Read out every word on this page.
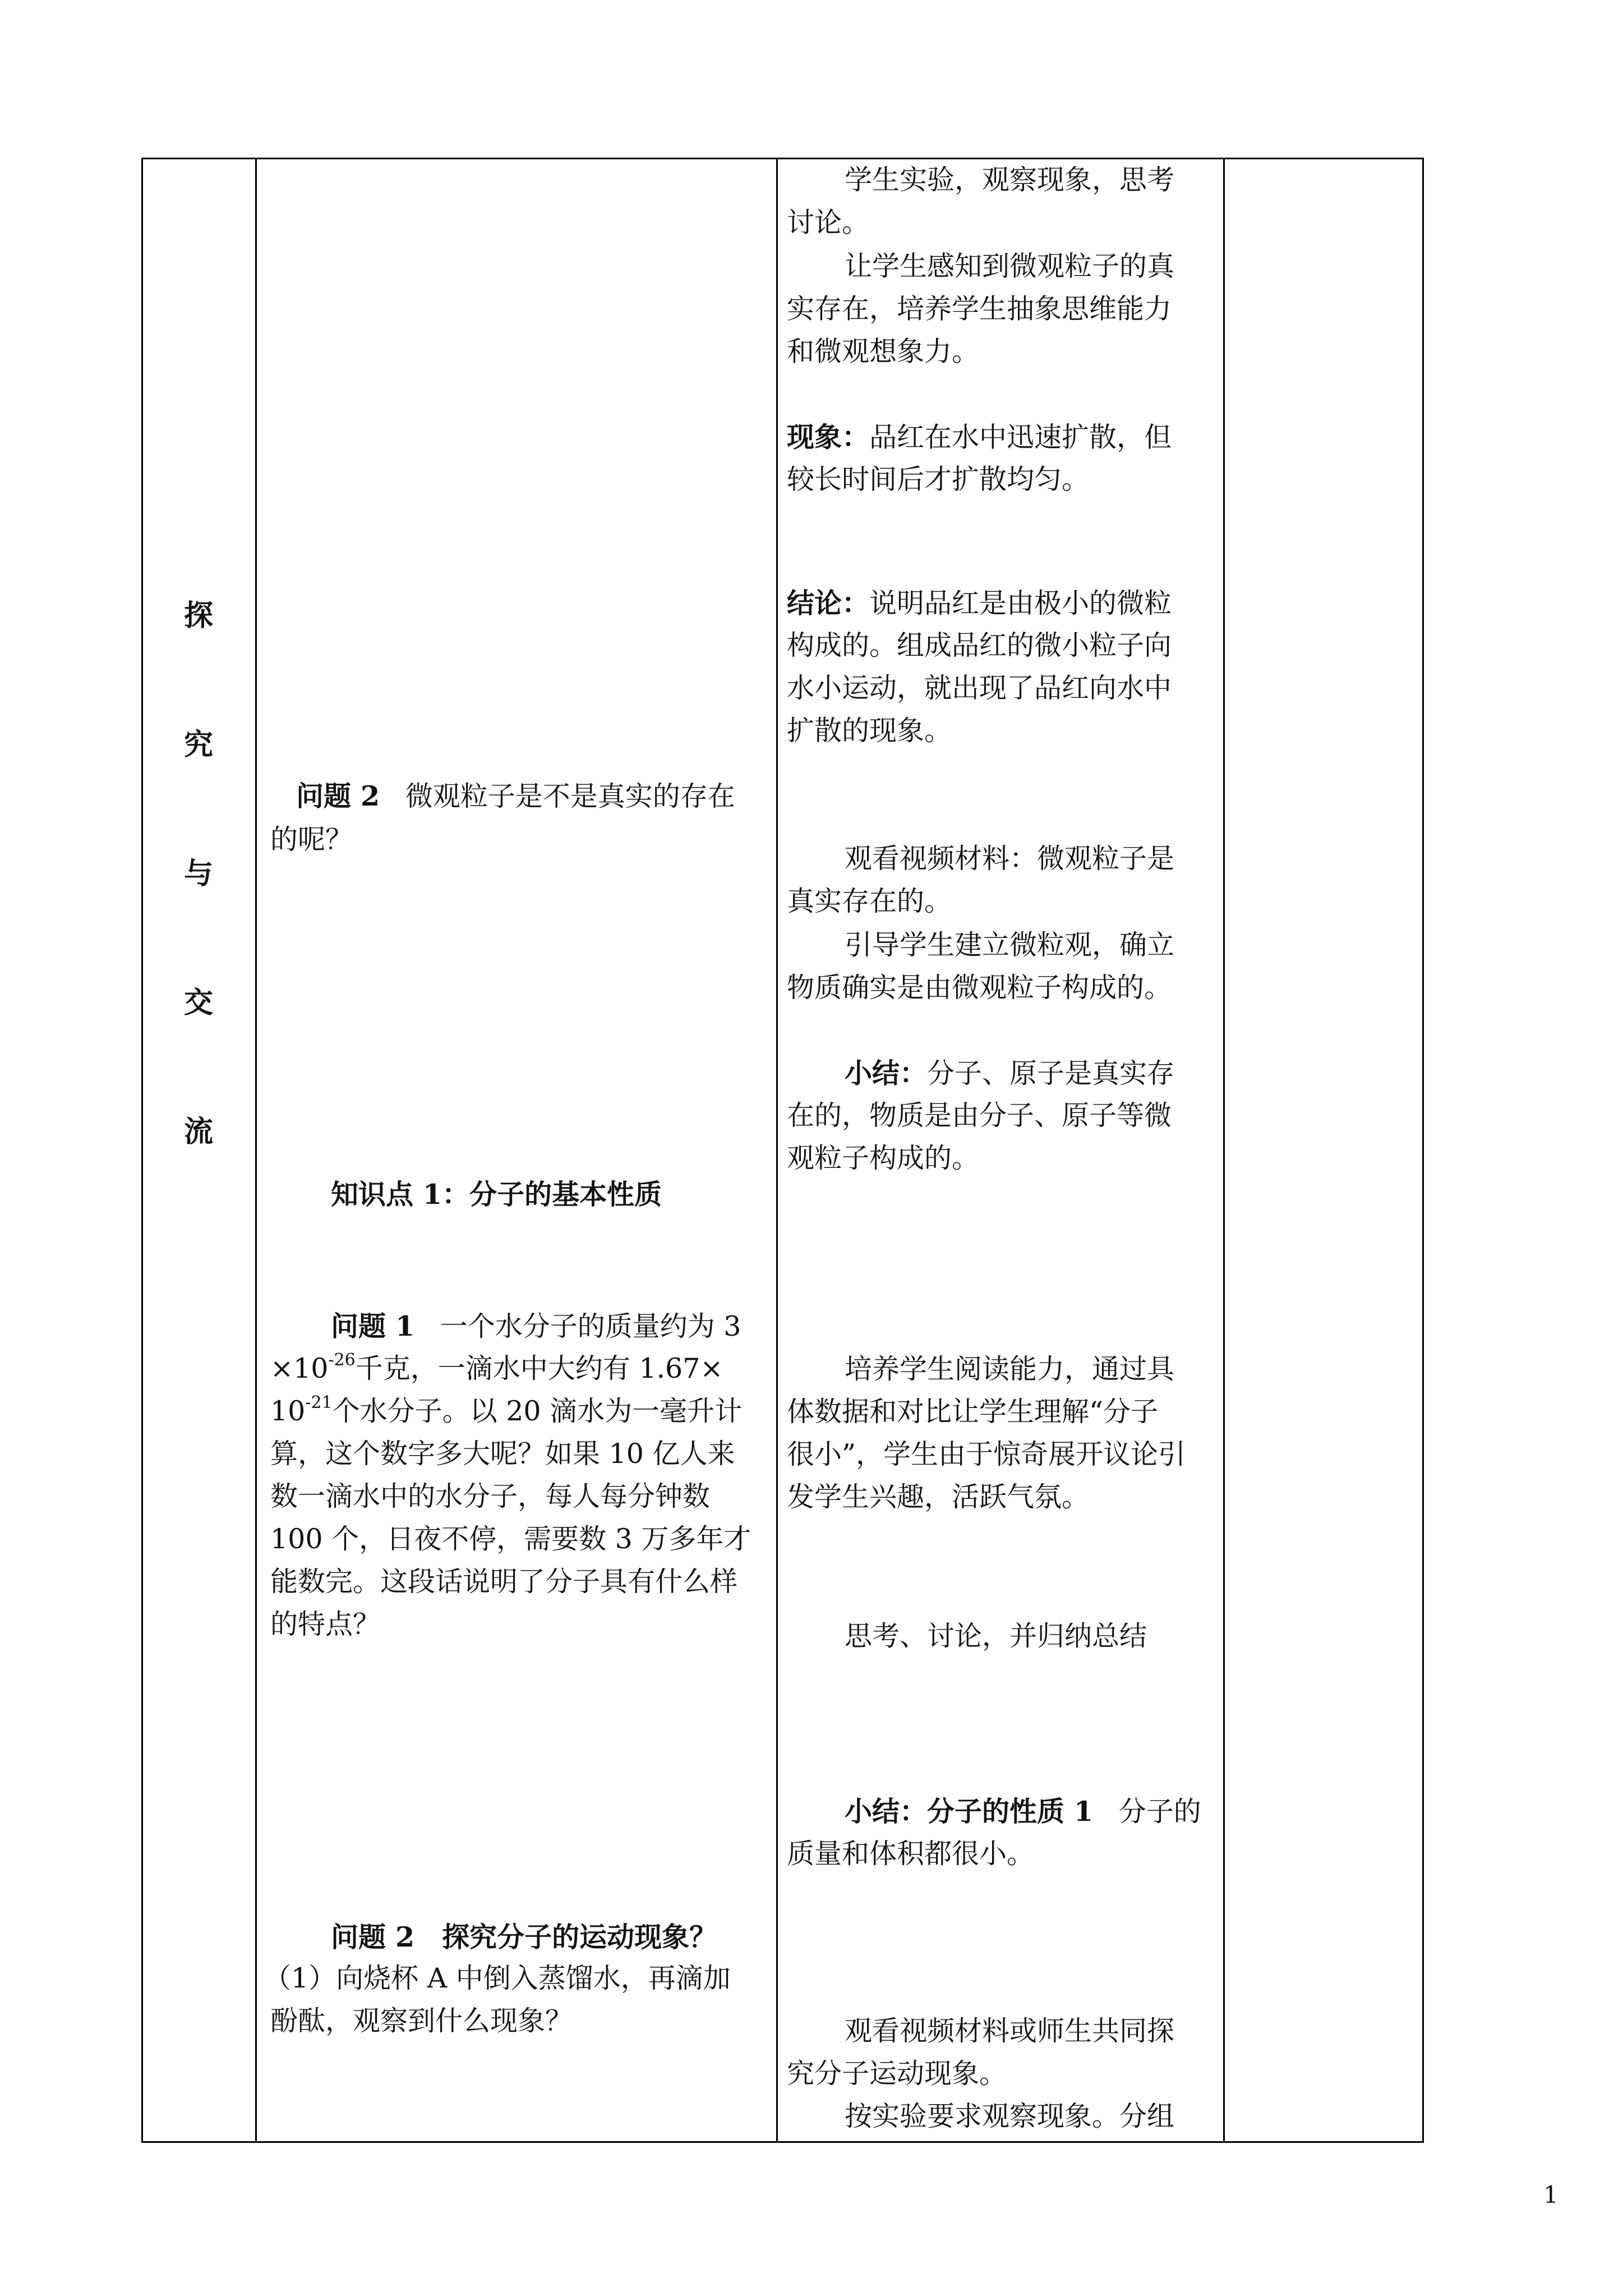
探
究
与
交
流
问题 2 微观粒子是不是真实的存在
的呢？
知识点 1：分子的基本性质
问题 1 一个水分子的质量约为 3
$\times 10^{-26}$千克，一滴水中大约有 1.67×
$10^{-21}$个水分子。以 20 滴水为一毫升计
算，这个数字多大呢？如果 10 亿人来
数一滴水中的水分子，每人每分钟数
100 个，日夜不停，需要数 3 万多年才
能数完。这段话说明了分子具有什么样
的特点？
问题 2　探究分子的运动现象？
（1）向烧杯 A 中倒入蒸馏水，再滴加
酚酞，观察到什么现象？
学生实验，观察现象，思考
讨论。
让学生感知到微观粒子的真
实存在，培养学生抽象思维能力
和微观想象力。
现象：品红在水中迅速扩散，但
较长时间后才扩散均匀。
结论：说明品红是由极小的微粒
构成的。组成品红的微小粒子向
水小运动，就出现了品红向水中
扩散的现象。
观看视频材料：微观粒子是
真实存在的。
引导学生建立微粒观，确立
物质确实是由微观粒子构成的。
小结：分子、原子是真实存
在的，物质是由分子、原子等微
观粒子构成的。
培养学生阅读能力，通过具
体数据和对比让学生理解“分子
很小”，学生由于惊奇展开议论引
发学生兴趣，活跃气氛。
思考、讨论，并归纳总结
小结：分子的性质 1 分子的
质量和体积都很小。
观看视频材料或师生共同探
究分子运动现象。
按实验要求观察现象。分组
1
